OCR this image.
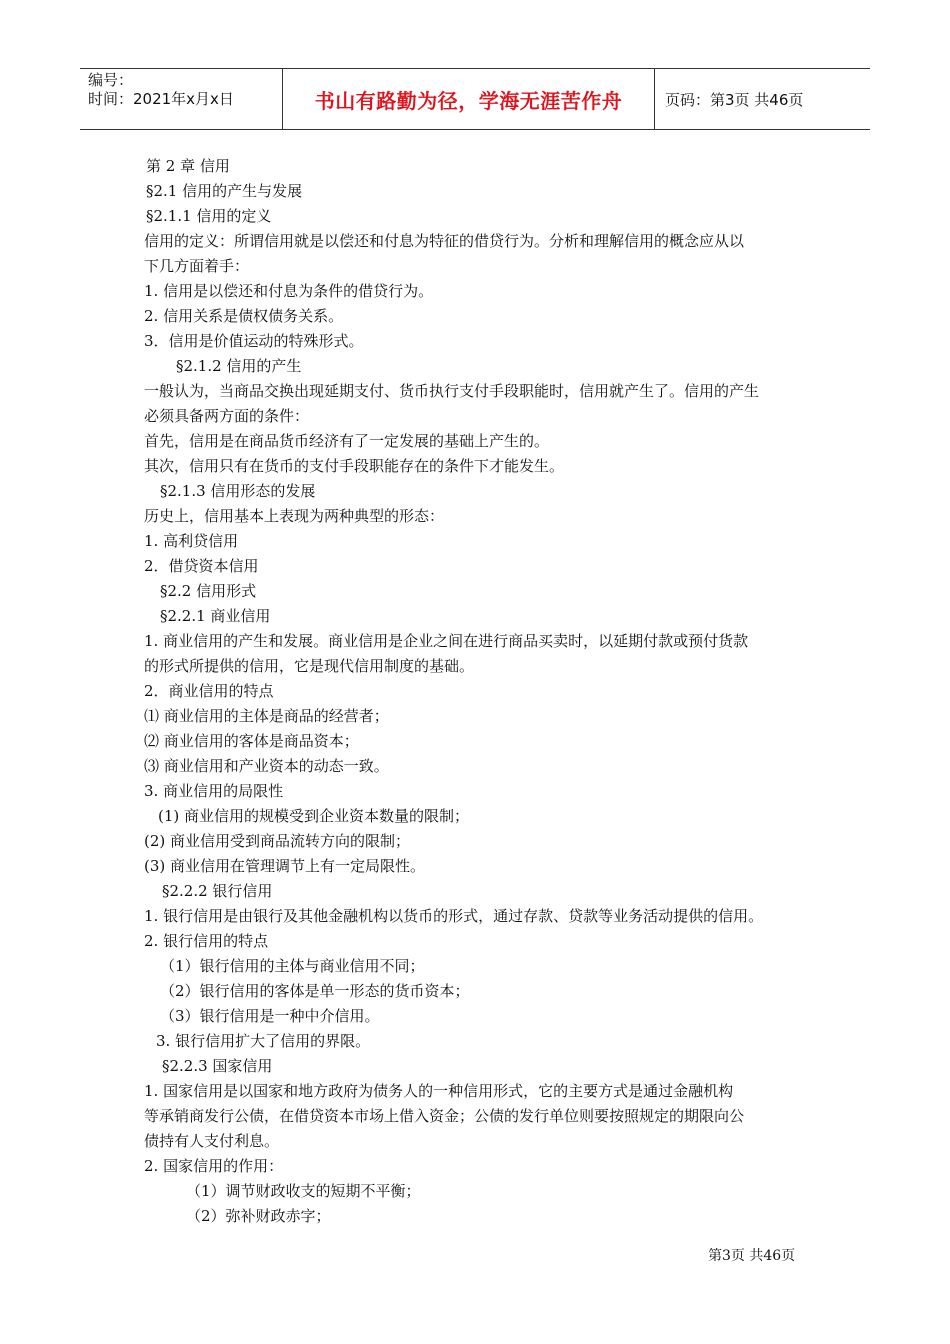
编号：
时间：2021年x月x日	书山有路勤为径，学海无涯苦作舟	页码：第3页 共46页
第 2 章 信用
§2.1 信用的产生与发展
§2.1.1 信用的定义
信用的定义：所谓信用就是以偿还和付息为特征的借贷行为。分析和理解信用的概念应从以
下几方面着手：
1. 信用是以偿还和付息为条件的借贷行为。
2. 信用关系是债权债务关系。
3．信用是价值运动的特殊形式。
§2.1.2 信用的产生
一般认为，当商品交换出现延期支付、货币执行支付手段职能时，信用就产生了。信用的产生
必须具备两方面的条件：
首先，信用是在商品货币经济有了一定发展的基础上产生的。
其次，信用只有在货币的支付手段职能存在的条件下才能发生。
§2.1.3 信用形态的发展
历史上，信用基本上表现为两种典型的形态：
1. 高利贷信用
2．借贷资本信用
§2.2 信用形式
§2.2.1 商业信用
1. 商业信用的产生和发展。商业信用是企业之间在进行商品买卖时，以延期付款或预付货款
的形式所提供的信用，它是现代信用制度的基础。
2．商业信用的特点
⑴ 商业信用的主体是商品的经营者；
⑵ 商业信用的客体是商品资本；
⑶ 商业信用和产业资本的动态一致。
3. 商业信用的局限性
(1) 商业信用的规模受到企业资本数量的限制；
(2) 商业信用受到商品流转方向的限制；
(3) 商业信用在管理调节上有一定局限性。
§2.2.2 银行信用
1. 银行信用是由银行及其他金融机构以货币的形式，通过存款、贷款等业务活动提供的信用。
2. 银行信用的特点
（1）银行信用的主体与商业信用不同；
（2）银行信用的客体是单一形态的货币资本；
（3）银行信用是一种中介信用。
3. 银行信用扩大了信用的界限。
§2.2.3 国家信用
1. 国家信用是以国家和地方政府为债务人的一种信用形式，它的主要方式是通过金融机构
等承销商发行公债，在借贷资本市场上借入资金；公债的发行单位则要按照规定的期限向公
债持有人支付利息。
2. 国家信用的作用：
（1）调节财政收支的短期不平衡；
（2）弥补财政赤字；
第3页 共46页
